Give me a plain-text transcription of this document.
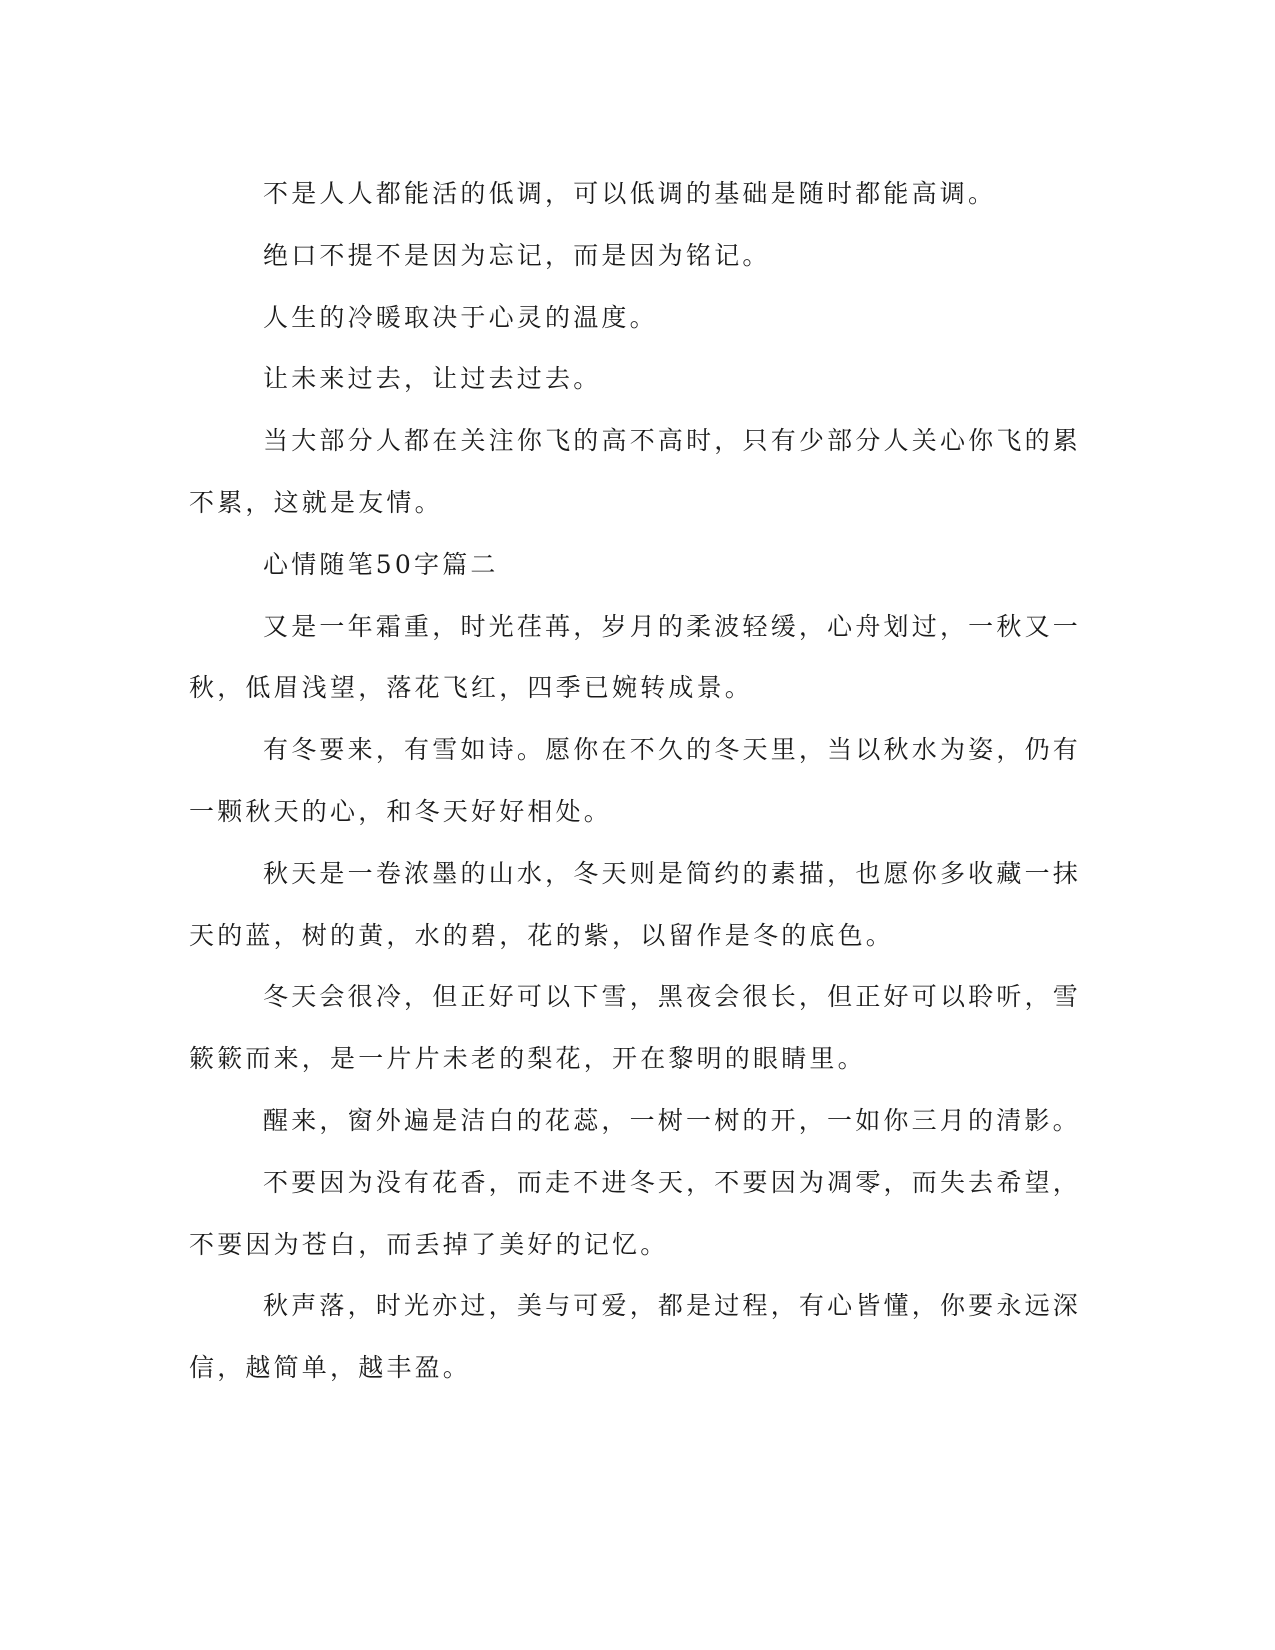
不是人人都能活的低调，可以低调的基础是随时都能高调。

绝口不提不是因为忘记，而是因为铭记。

人生的冷暖取决于心灵的温度。

让未来过去，让过去过去。

当大部分人都在关注你飞的高不高时，只有少部分人关心你飞的累不累，这就是友情。

心情随笔50字篇二

又是一年霜重，时光荏苒，岁月的柔波轻缓，心舟划过，一秋又一秋，低眉浅望，落花飞红，四季已婉转成景。

有冬要来，有雪如诗。愿你在不久的冬天里，当以秋水为姿，仍有一颗秋天的心，和冬天好好相处。

秋天是一卷浓墨的山水，冬天则是简约的素描，也愿你多收藏一抹天的蓝，树的黄，水的碧，花的紫，以留作是冬的底色。

冬天会很冷，但正好可以下雪，黑夜会很长，但正好可以聆听，雪簌簌而来，是一片片未老的梨花，开在黎明的眼睛里。

醒来，窗外遍是洁白的花蕊，一树一树的开，一如你三月的清影。

不要因为没有花香，而走不进冬天，不要因为凋零，而失去希望，不要因为苍白，而丢掉了美好的记忆。

秋声落，时光亦过，美与可爱，都是过程，有心皆懂，你要永远深信，越简单，越丰盈。
